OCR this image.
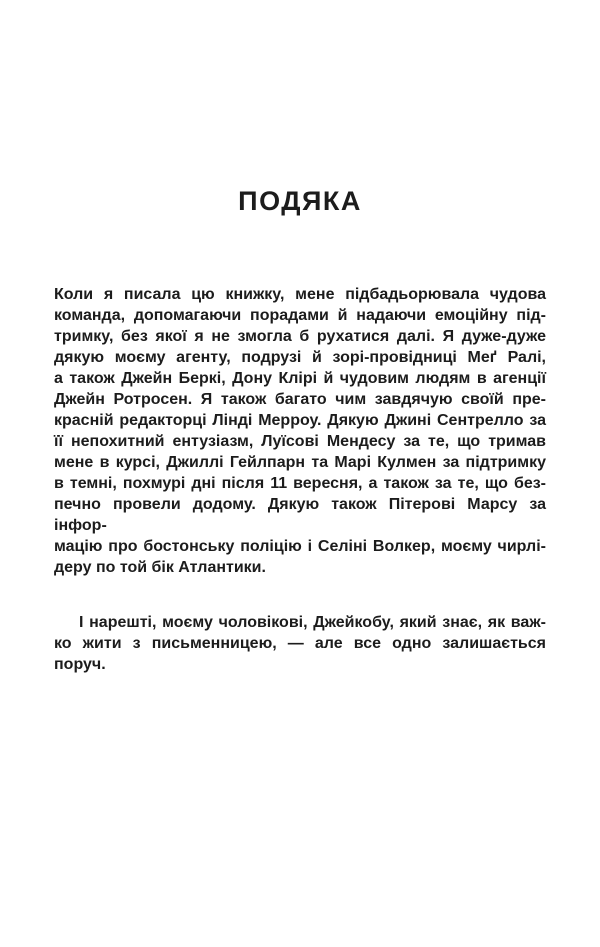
ПОДЯКА
Коли я писала цю книжку, мене підбадьорювала чудова
команда, допомагаючи порадами й надаючи емоційну під-
тримку, без якої я не змогла б рухатися далі. Я дуже-дуже
дякую моєму агенту, подрузі й зорі-провідниці Меґ Ралі,
а також Джейн Беркі, Дону Клірі й чудовим людям в агенції
Джейн Ротросен. Я також багато чим завдячую своїй пре-
красній редакторці Лінді Мерроу. Дякую Джині Сентрелло за
її непохитний ентузіазм, Луїсові Мендесу за те, що тримав
мене в курсі, Джиллі Гейлпарн та Марі Кулмен за підтримку
в темні, похмурі дні після 11 вересня, а також за те, що без-
печно провели додому. Дякую також Пітерові Марсу за інфор-
мацію про бостонську поліцію і Селіні Волкер, моєму чирлі-
деру по той бік Атлантики.
І нарешті, моєму чоловікові, Джейкобу, який знає, як важ-
ко жити з письменницею, — але все одно залишається поруч.
